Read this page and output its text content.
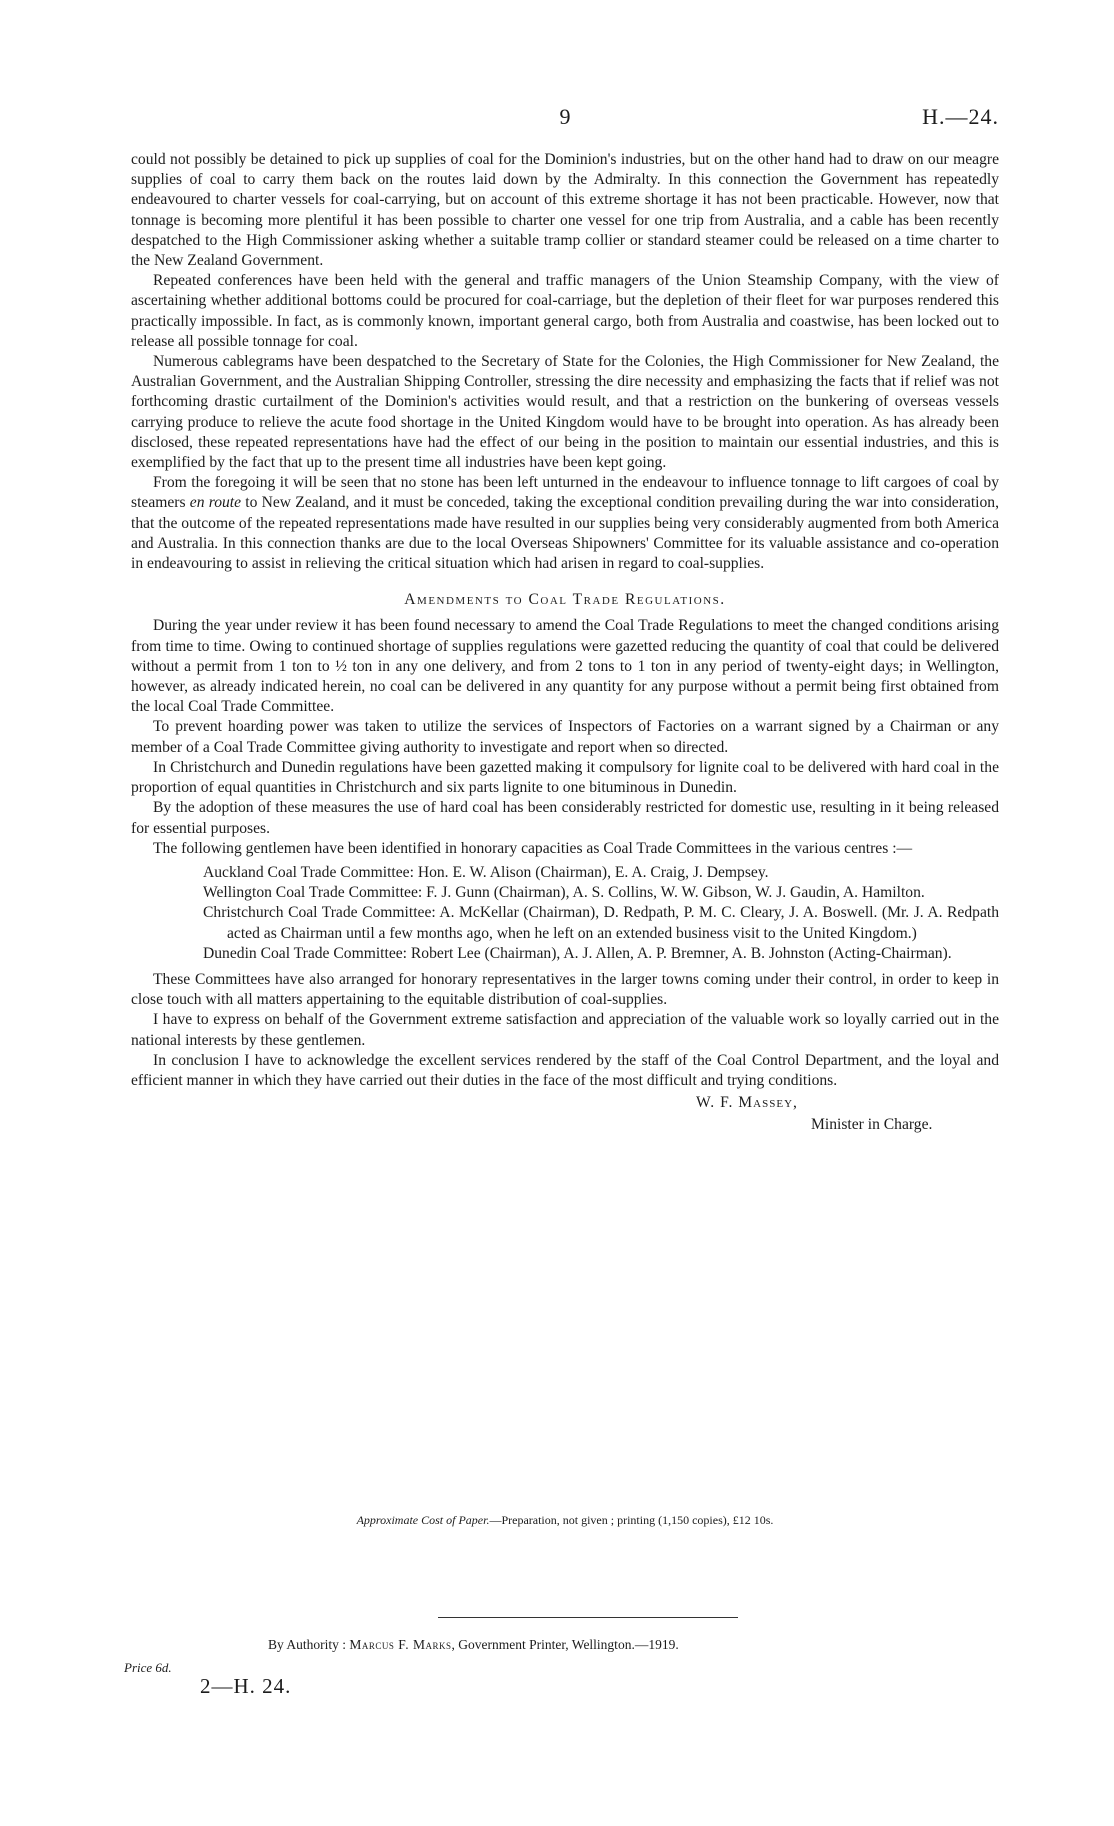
9	H.—24.

could not possibly be detained to pick up supplies of coal for the Dominion's industries, but on the other hand had to draw on our meagre supplies of coal to carry them back on the routes laid down by the Admiralty. In this connection the Government has repeatedly endeavoured to charter vessels for coal-carrying, but on account of this extreme shortage it has not been practicable. However, now that tonnage is becoming more plentiful it has been possible to charter one vessel for one trip from Australia, and a cable has been recently despatched to the High Commissioner asking whether a suitable tramp collier or standard steamer could be released on a time charter to the New Zealand Government.

Repeated conferences have been held with the general and traffic managers of the Union Steamship Company, with the view of ascertaining whether additional bottoms could be procured for coal-carriage, but the depletion of their fleet for war purposes rendered this practically impossible. In fact, as is commonly known, important general cargo, both from Australia and coastwise, has been locked out to release all possible tonnage for coal.

Numerous cablegrams have been despatched to the Secretary of State for the Colonies, the High Commissioner for New Zealand, the Australian Government, and the Australian Shipping Controller, stressing the dire necessity and emphasizing the facts that if relief was not forthcoming drastic curtailment of the Dominion's activities would result, and that a restriction on the bunkering of overseas vessels carrying produce to relieve the acute food shortage in the United Kingdom would have to be brought into operation. As has already been disclosed, these repeated representations have had the effect of our being in the position to maintain our essential industries, and this is exemplified by the fact that up to the present time all industries have been kept going.

From the foregoing it will be seen that no stone has been left unturned in the endeavour to influence tonnage to lift cargoes of coal by steamers en route to New Zealand, and it must be conceded, taking the exceptional condition prevailing during the war into consideration, that the outcome of the repeated representations made have resulted in our supplies being very considerably augmented from both America and Australia. In this connection thanks are due to the local Overseas Shipowners' Committee for its valuable assistance and co-operation in endeavouring to assist in relieving the critical situation which had arisen in regard to coal-supplies.

Amendments to Coal Trade Regulations.

During the year under review it has been found necessary to amend the Coal Trade Regulations to meet the changed conditions arising from time to time. Owing to continued shortage of supplies regulations were gazetted reducing the quantity of coal that could be delivered without a permit from 1 ton to ½ ton in any one delivery, and from 2 tons to 1 ton in any period of twenty-eight days; in Wellington, however, as already indicated herein, no coal can be delivered in any quantity for any purpose without a permit being first obtained from the local Coal Trade Committee.

To prevent hoarding power was taken to utilize the services of Inspectors of Factories on a warrant signed by a Chairman or any member of a Coal Trade Committee giving authority to investigate and report when so directed.

In Christchurch and Dunedin regulations have been gazetted making it compulsory for lignite coal to be delivered with hard coal in the proportion of equal quantities in Christchurch and six parts lignite to one bituminous in Dunedin.

By the adoption of these measures the use of hard coal has been considerably restricted for domestic use, resulting in it being released for essential purposes.

The following gentlemen have been identified in honorary capacities as Coal Trade Committees in the various centres :—

Auckland Coal Trade Committee: Hon. E. W. Alison (Chairman), E. A. Craig, J. Dempsey.
Wellington Coal Trade Committee: F. J. Gunn (Chairman), A. S. Collins, W. W. Gibson, W. J. Gaudin, A. Hamilton.
Christchurch Coal Trade Committee: A. McKellar (Chairman), D. Redpath, P. M. C. Cleary, J. A. Boswell. (Mr. J. A. Redpath acted as Chairman until a few months ago, when he left on an extended business visit to the United Kingdom.)
Dunedin Coal Trade Committee: Robert Lee (Chairman), A. J. Allen, A. P. Bremner, A. B. Johnston (Acting-Chairman).

These Committees have also arranged for honorary representatives in the larger towns coming under their control, in order to keep in close touch with all matters appertaining to the equitable distribution of coal-supplies.

I have to express on behalf of the Government extreme satisfaction and appreciation of the valuable work so loyally carried out in the national interests by these gentlemen.

In conclusion I have to acknowledge the excellent services rendered by the staff of the Coal Control Department, and the loyal and efficient manner in which they have carried out their duties in the face of the most difficult and trying conditions.

W. F. Massey,
Minister in Charge.
Approximate Cost of Paper.—Preparation, not given ; printing (1,150 copies), £12 10s.
By Authority : Marcus F. Marks, Government Printer, Wellington.—1919.
Price 6d.
2—H. 24.
